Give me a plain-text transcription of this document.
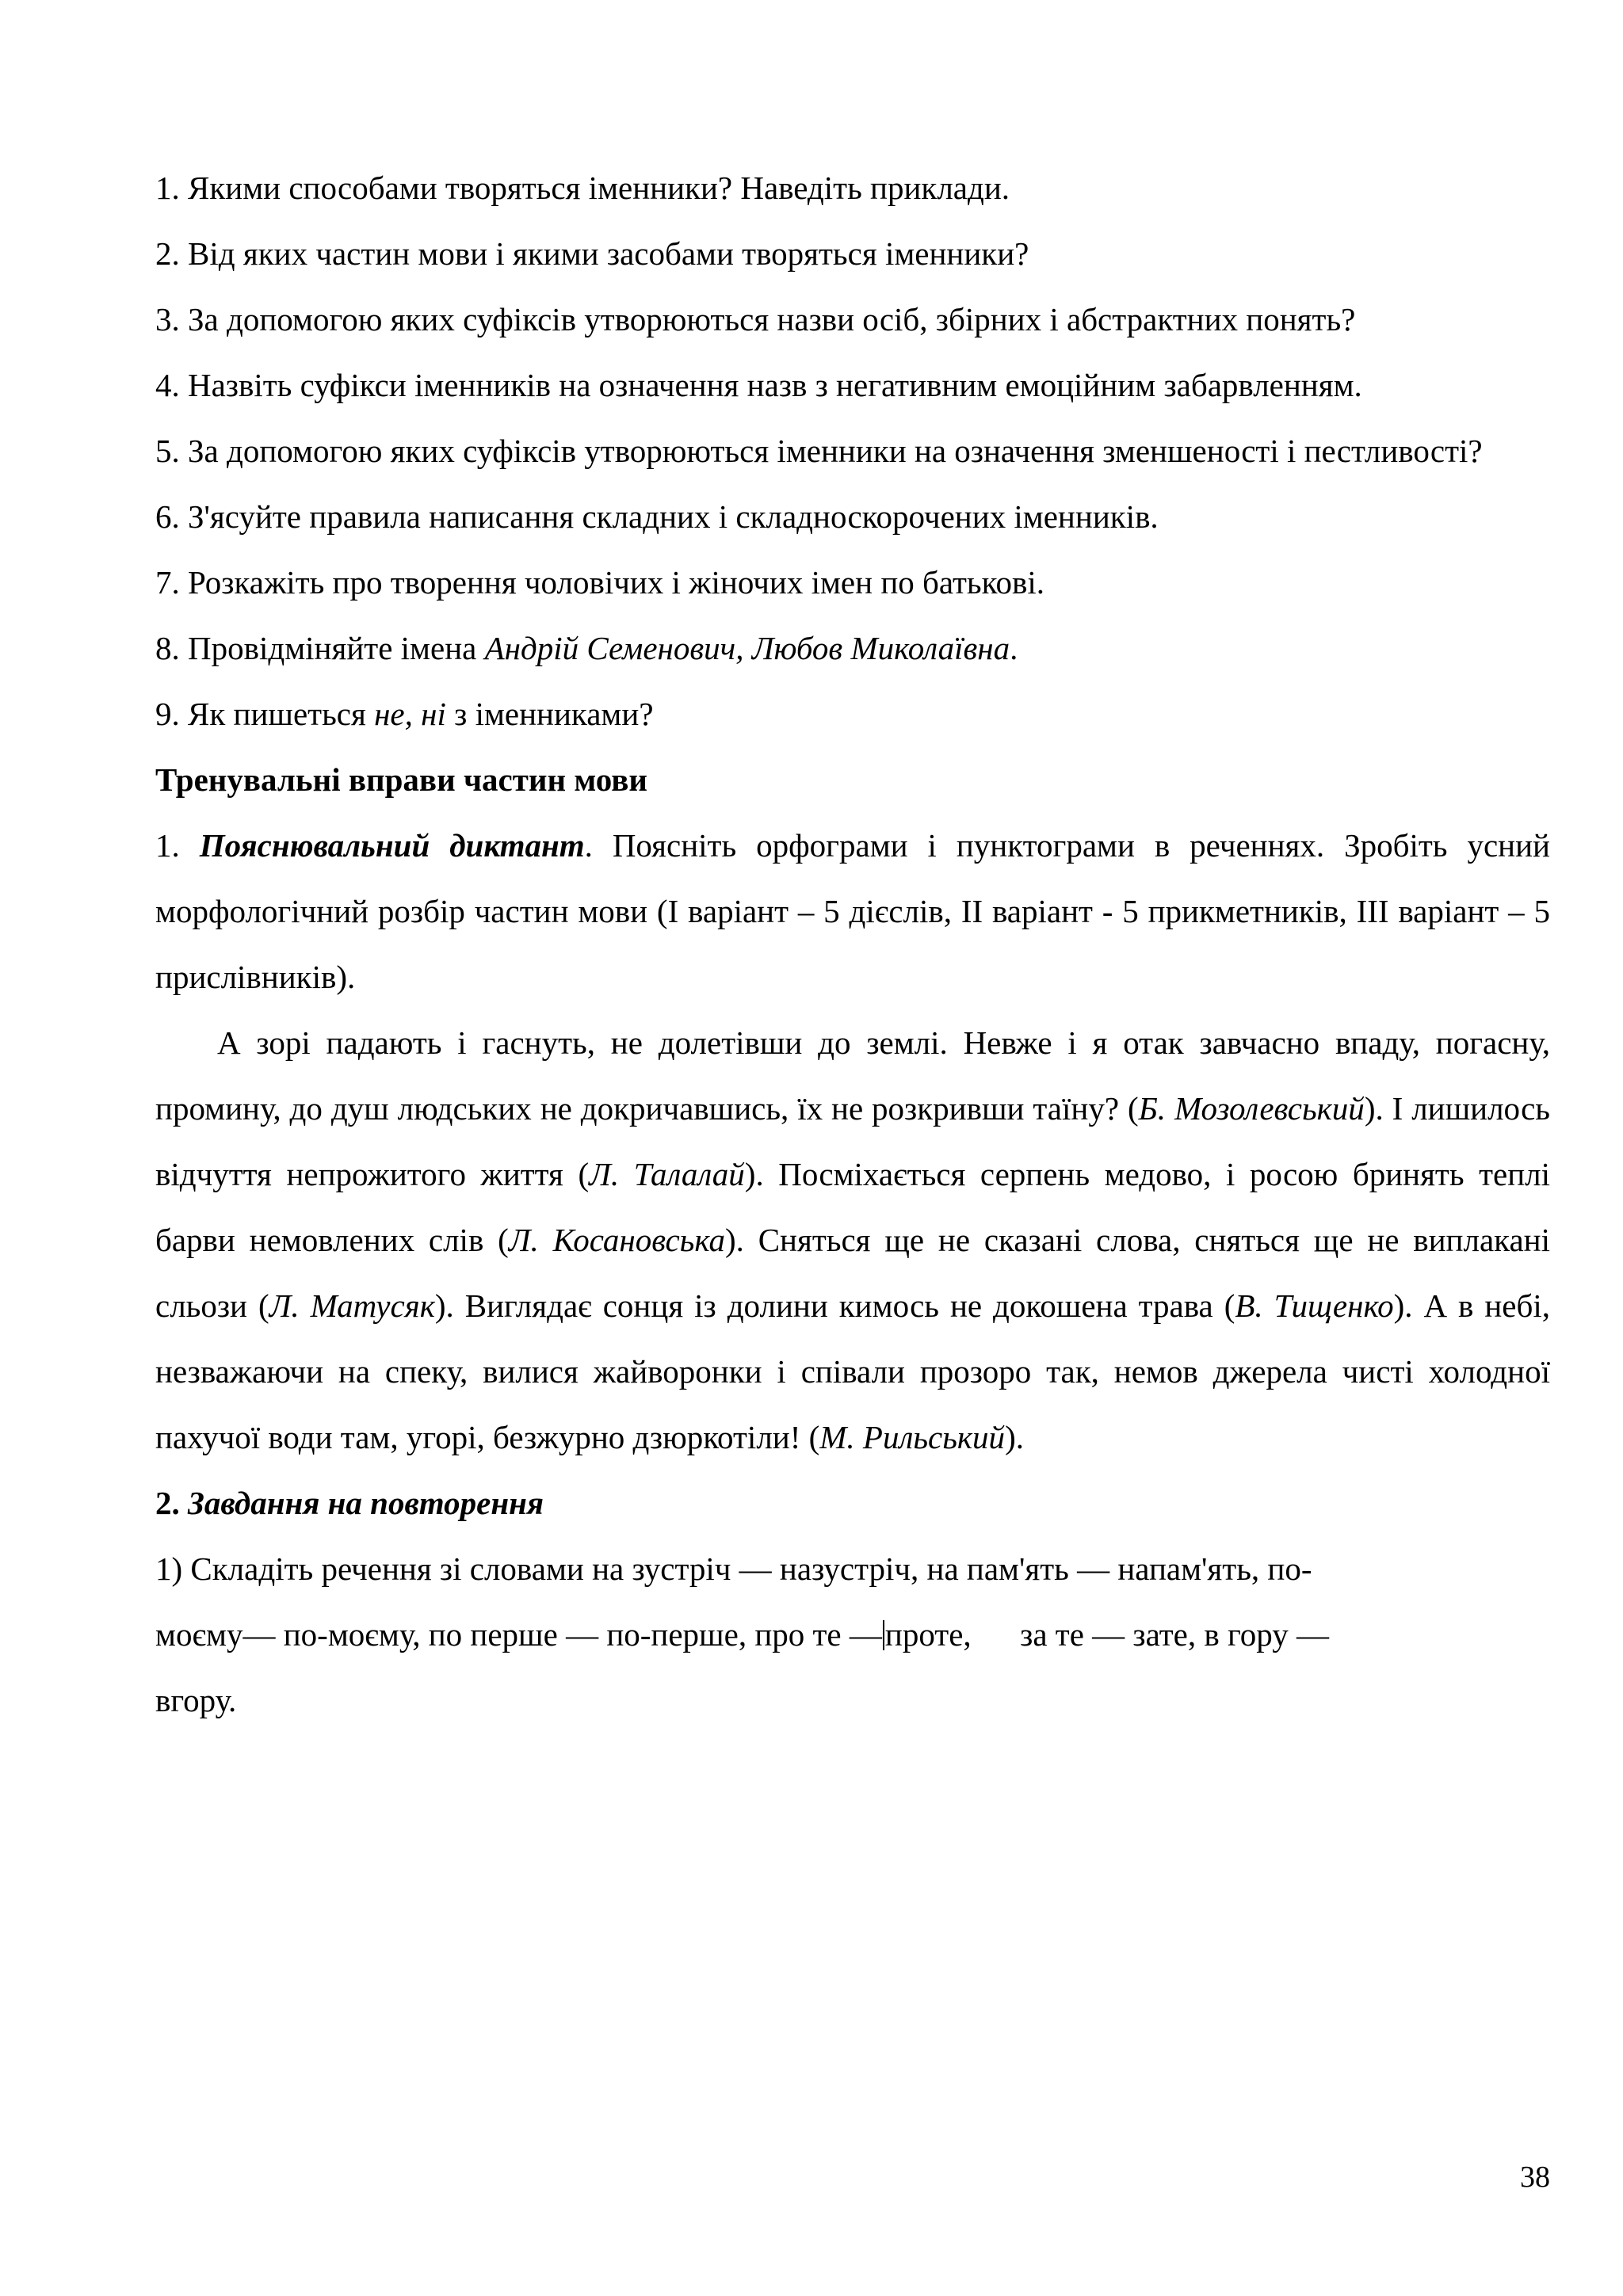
1. Якими способами творяться іменники? Наведіть приклади.

2. Від яких частин мови і якими засобами творяться іменники?

3. За допомогою яких суфіксів утворюються назви осіб, збірних і абстрактних понять?

4. Назвіть суфікси іменників на означення назв з негативним емоційним забарвленням.

5. За допомогою яких суфіксів утворюються іменники на означення зменшеності і пестливості?

6. З'ясуйте правила написання складних і складноскорочених іменників.

7. Розкажіть про творення чоловічих і жіночих імен по батькові.

8. Провідміняйте імена Андрій Семенович, Любов Миколаївна.

9. Як пишеться не, ні з іменниками?

Тренувальні вправи частин мови

1. Пояснювальний диктант. Поясніть орфограми і пунктограми в реченнях. Зробіть усний морфологічний розбір частин мови (І варіант – 5 дієслів, ІІ варіант - 5 прикметників, ІІІ варіант – 5 прислівників).

А зорі падають і гаснуть, не долетівши до землі. Невже і я отак завчасно впаду, погасну, промину, до душ людських не докричавшись, їх не розкривши таїну? (Б. Мозолевський). І лишилось відчуття непрожитого життя (Л. Талалай). Посміхається серпень медово, і росою бринять теплі барви немовлених слів (Л. Косановська). Сняться ще не сказані слова, сняться ще не виплакані сльози (Л. Матусяк). Виглядає сонця із долини кимось не докошена трава (В. Тищенко). А в небі, незважаючи на спеку, вилися жайворонки і співали прозоро так, немов джерела чисті холодної пахучої води там, угорі, безжурно дзюркотіли! (М. Рильський).

2. Завдання на повторення
1) Складіть речення зі словами на зустріч — назустріч, на пам'ять — напам'ять, по-
моєму— по-моєму, по перше — по-перше, про те —проте,      за те — зате, в гору —
вгору.
38
